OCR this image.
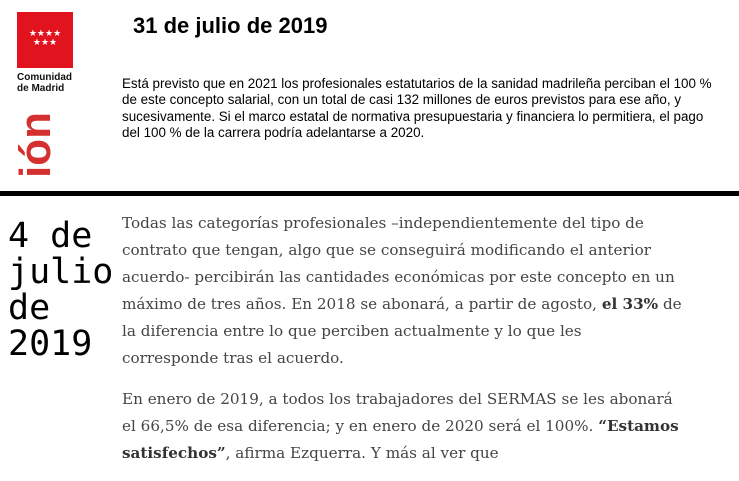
★★★★
★★★
Comunidad
de Madrid
ión
31 de julio de 2019
Está previsto que en 2021 los profesionales estatutarios de la sanidad madrileña perciban el 100 % de este concepto salarial, con un total de casi 132 millones de euros previstos para ese año, y sucesivamente. Si el marco estatal de normativa presupuestaria y financiera lo permitiera, el pago del 100 % de la carrera podría adelantarse a 2020.
4 de
julio
de
2019

Todas las categorías profesionales –independientemente del tipo de contrato que tengan, algo que se conseguirá modificando el anterior acuerdo- percibirán las cantidades económicas por este concepto en un máximo de tres años. En 2018 se abonará, a partir de agosto, el 33% de la diferencia entre lo que perciben actualmente y lo que les corresponde tras el acuerdo.

En enero de 2019, a todos los trabajadores del SERMAS se les abonará el 66,5% de esa diferencia; y en enero de 2020 será el 100%. “Estamos satisfechos”, afirma Ezquerra. Y más al ver que
